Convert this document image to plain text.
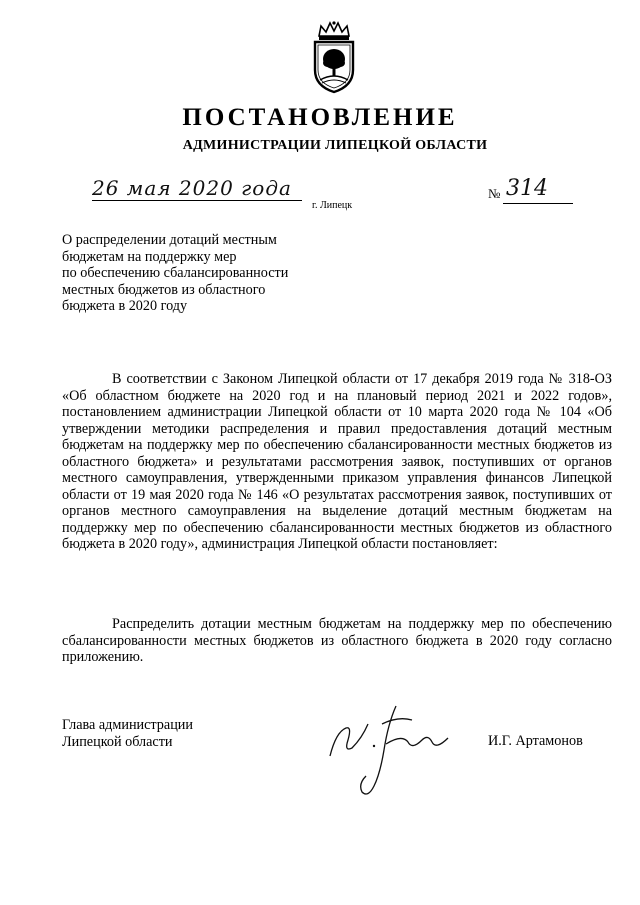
ПОСТАНОВЛЕНИЕ
АДМИНИСТРАЦИИ ЛИПЕЦКОЙ ОБЛАСТИ
26 мая 2020 года
г. Липецк
№ 314
О распределении дотаций местным
бюджетам на поддержку мер
по обеспечению сбалансированности
местных бюджетов из областного
бюджета в 2020 году

В соответствии с Законом Липецкой области от 17 декабря 2019 года № 318-ОЗ «Об областном бюджете на 2020 год и на плановый период 2021 и 2022 годов», постановлением администрации Липецкой области от 10 марта 2020 года № 104 «Об утверждении методики распределения и правил предоставления дотаций местным бюджетам на поддержку мер по обеспечению сбалансированности местных бюджетов из областного бюджета» и результатами рассмотрения заявок, поступивших от органов местного самоуправления, утвержденными приказом управления финансов Липецкой области от 19 мая 2020 года № 146 «О результатах рассмотрения заявок, поступивших от органов местного самоуправления на выделение дотаций местным бюджетам на поддержку мер по обеспечению сбалансированности местных бюджетов из областного бюджета в 2020 году», администрация Липецкой области постановляет:

Распределить дотации местным бюджетам на поддержку мер по обеспечению сбалансированности местных бюджетов из областного бюджета в 2020 году согласно приложению.

Глава администрации
Липецкой области	И.Г. Артамонов
